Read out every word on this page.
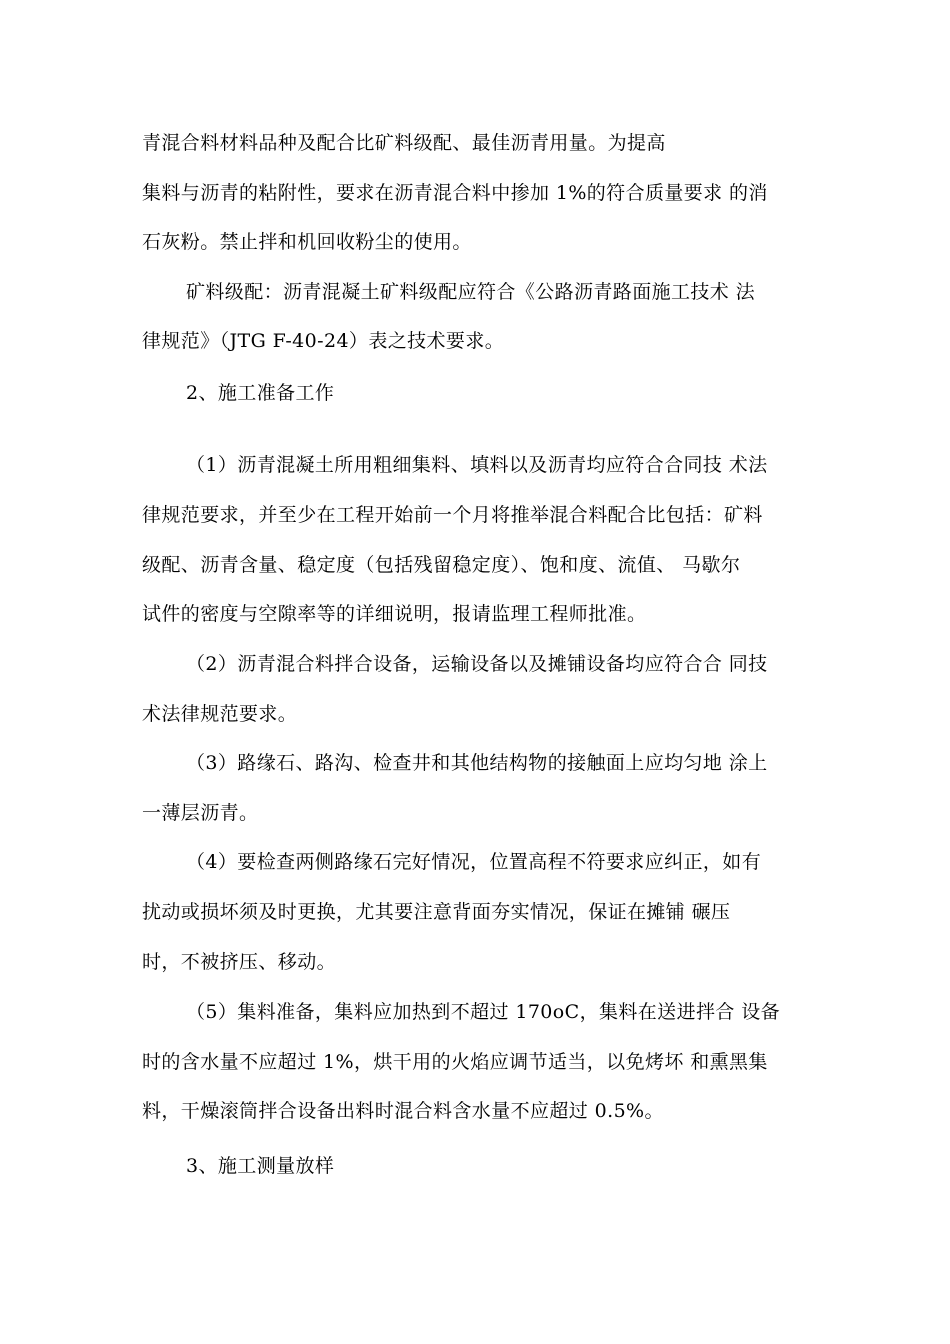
青混合料材料品种及配合比矿料级配、最佳沥青用量。为提高
集料与沥青的粘附性，要求在沥青混合料中掺加 1%的符合质量要求 的消
石灰粉。禁止拌和机回收粉尘的使用。
矿料级配：沥青混凝土矿料级配应符合《公路沥青路面施工技术 法
律规范》（JTG F-40-24）表之技术要求。
2、施工准备工作
（1）沥青混凝土所用粗细集料、填料以及沥青均应符合合同技 术法
律规范要求，并至少在工程开始前一个月将推举混合料配合比包括：矿料
级配、沥青含量、稳定度（包括残留稳定度）、饱和度、流值、 马歇尔
试件的密度与空隙率等的详细说明，报请监理工程师批准。
（2）沥青混合料拌合设备，运输设备以及摊铺设备均应符合合 同技
术法律规范要求。
（3）路缘石、路沟、检查井和其他结构物的接触面上应均匀地 涂上
一薄层沥青。
（4）要检查两侧路缘石完好情况，位置高程不符要求应纠正，如有
扰动或损坏须及时更换，尤其要注意背面夯实情况，保证在摊铺 碾压
时，不被挤压、移动。
（5）集料准备，集料应加热到不超过 170oC，集料在送进拌合 设备
时的含水量不应超过 1%，烘干用的火焰应调节适当，以免烤坏 和熏黑集
料，干燥滚筒拌合设备出料时混合料含水量不应超过 0.5%。
3、施工测量放样
